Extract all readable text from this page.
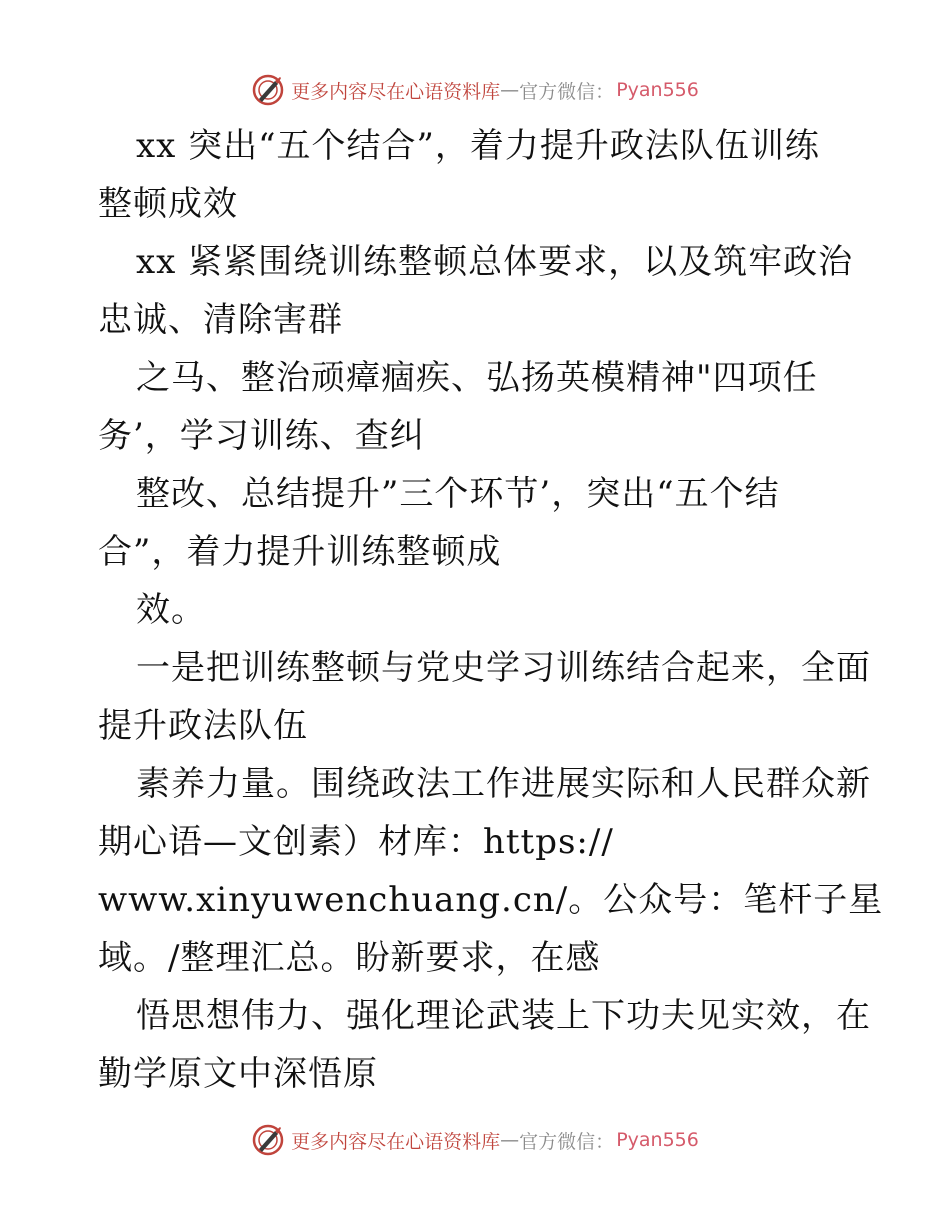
更多内容尽在心语资料库 — 官方微信： Pyan556
xx 突出“五个结合”，着力提升政法队伍训练
整顿成效
xx 紧紧围绕训练整顿总体要求，以及筑牢政治
忠诚、清除害群
之马、整治顽瘴痼疾、弘扬英模精神"四项任
务’，学习训练、查纠
整改、总结提升”三个环节’，突出“五个结
合”，着力提升训练整顿成
效。
一是把训练整顿与党史学习训练结合起来，全面
提升政法队伍
素养力量。围绕政法工作进展实际和人民群众新
期心语—文创素）材库：https://
www.xinyuwenchuang.cn/。公众号：笔杆子星
域。/整理汇总。盼新要求，在感
悟思想伟力、强化理论武装上下功夫见实效，在
勤学原文中深悟原
更多内容尽在心语资料库 — 官方微信： Pyan556
